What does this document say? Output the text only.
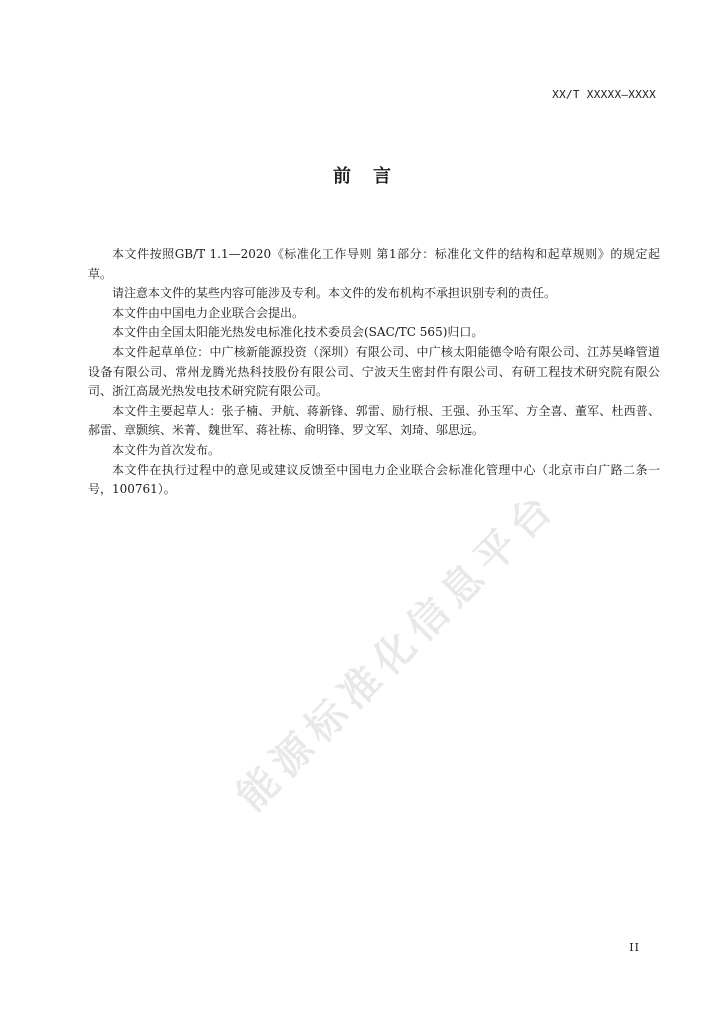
XX/T XXXXX—XXXX
前言

本文件按照GB/T 1.1—2020《标准化工作导则 第1部分：标准化文件的结构和起草规则》的规定起草。

请注意本文件的某些内容可能涉及专利。本文件的发布机构不承担识别专利的责任。

本文件由中国电力企业联合会提出。

本文件由全国太阳能光热发电标准化技术委员会(SAC/TC 565)归口。

本文件起草单位：中广核新能源投资（深圳）有限公司、中广核太阳能德令哈有限公司、江苏昊峰管道设备有限公司、常州龙腾光热科技股份有限公司、宁波天生密封件有限公司、有研工程技术研究院有限公司、浙江高晟光热发电技术研究院有限公司。

本文件主要起草人：张子楠、尹航、蒋新锋、郭雷、励行根、王强、孙玉军、方全喜、董军、杜西普、郝雷、章颢缤、米菁、魏世军、蒋社栋、俞明锋、罗文军、刘琦、邬思远。

本文件为首次发布。

本文件在执行过程中的意见或建议反馈至中国电力企业联合会标准化管理中心（北京市白广路二条一号，100761）。	能源标准化信息平台
II
